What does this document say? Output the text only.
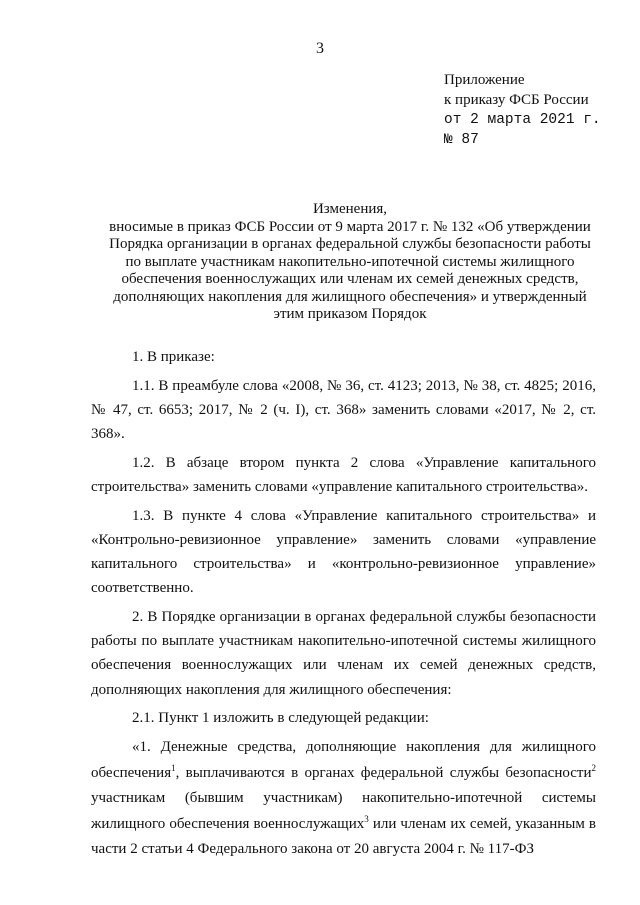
3
Приложение
к приказу ФСБ России
от 2 марта 2021 г.
№ 87
Изменения,
вносимые в приказ ФСБ России от 9 марта 2017 г. № 132 «Об утверждении
Порядка организации в органах федеральной службы безопасности работы
по выплате участникам накопительно-ипотечной системы жилищного
обеспечения военнослужащих или членам их семей денежных средств,
дополняющих накопления для жилищного обеспечения» и утвержденный
этим приказом Порядок

1. В приказе:

1.1. В преамбуле слова «2008, № 36, ст. 4123; 2013, № 38, ст. 4825; 2016, № 47, ст. 6653; 2017, № 2 (ч. I), ст. 368» заменить словами «2017, № 2, ст. 368».

1.2. В абзаце втором пункта 2 слова «Управление капитального строительства» заменить словами «управление капитального строительства».

1.3. В пункте 4 слова «Управление капитального строительства» и «Контрольно-ревизионное управление» заменить словами «управление капитального строительства» и «контрольно-ревизионное управление» соответственно.

2. В Порядке организации в органах федеральной службы безопасности работы по выплате участникам накопительно-ипотечной системы жилищного обеспечения военнослужащих или членам их семей денежных средств, дополняющих накопления для жилищного обеспечения:

2.1. Пункт 1 изложить в следующей редакции:

«1. Денежные средства, дополняющие накопления для жилищного обеспечения$^1$, выплачиваются в органах федеральной службы безопасности$^2$ участникам (бывшим участникам) накопительно-ипотечной системы жилищного обеспечения военнослужащих$^3$ или членам их семей, указанным в части 2 статьи 4 Федерального закона от 20 августа 2004 г. № 117-ФЗ
